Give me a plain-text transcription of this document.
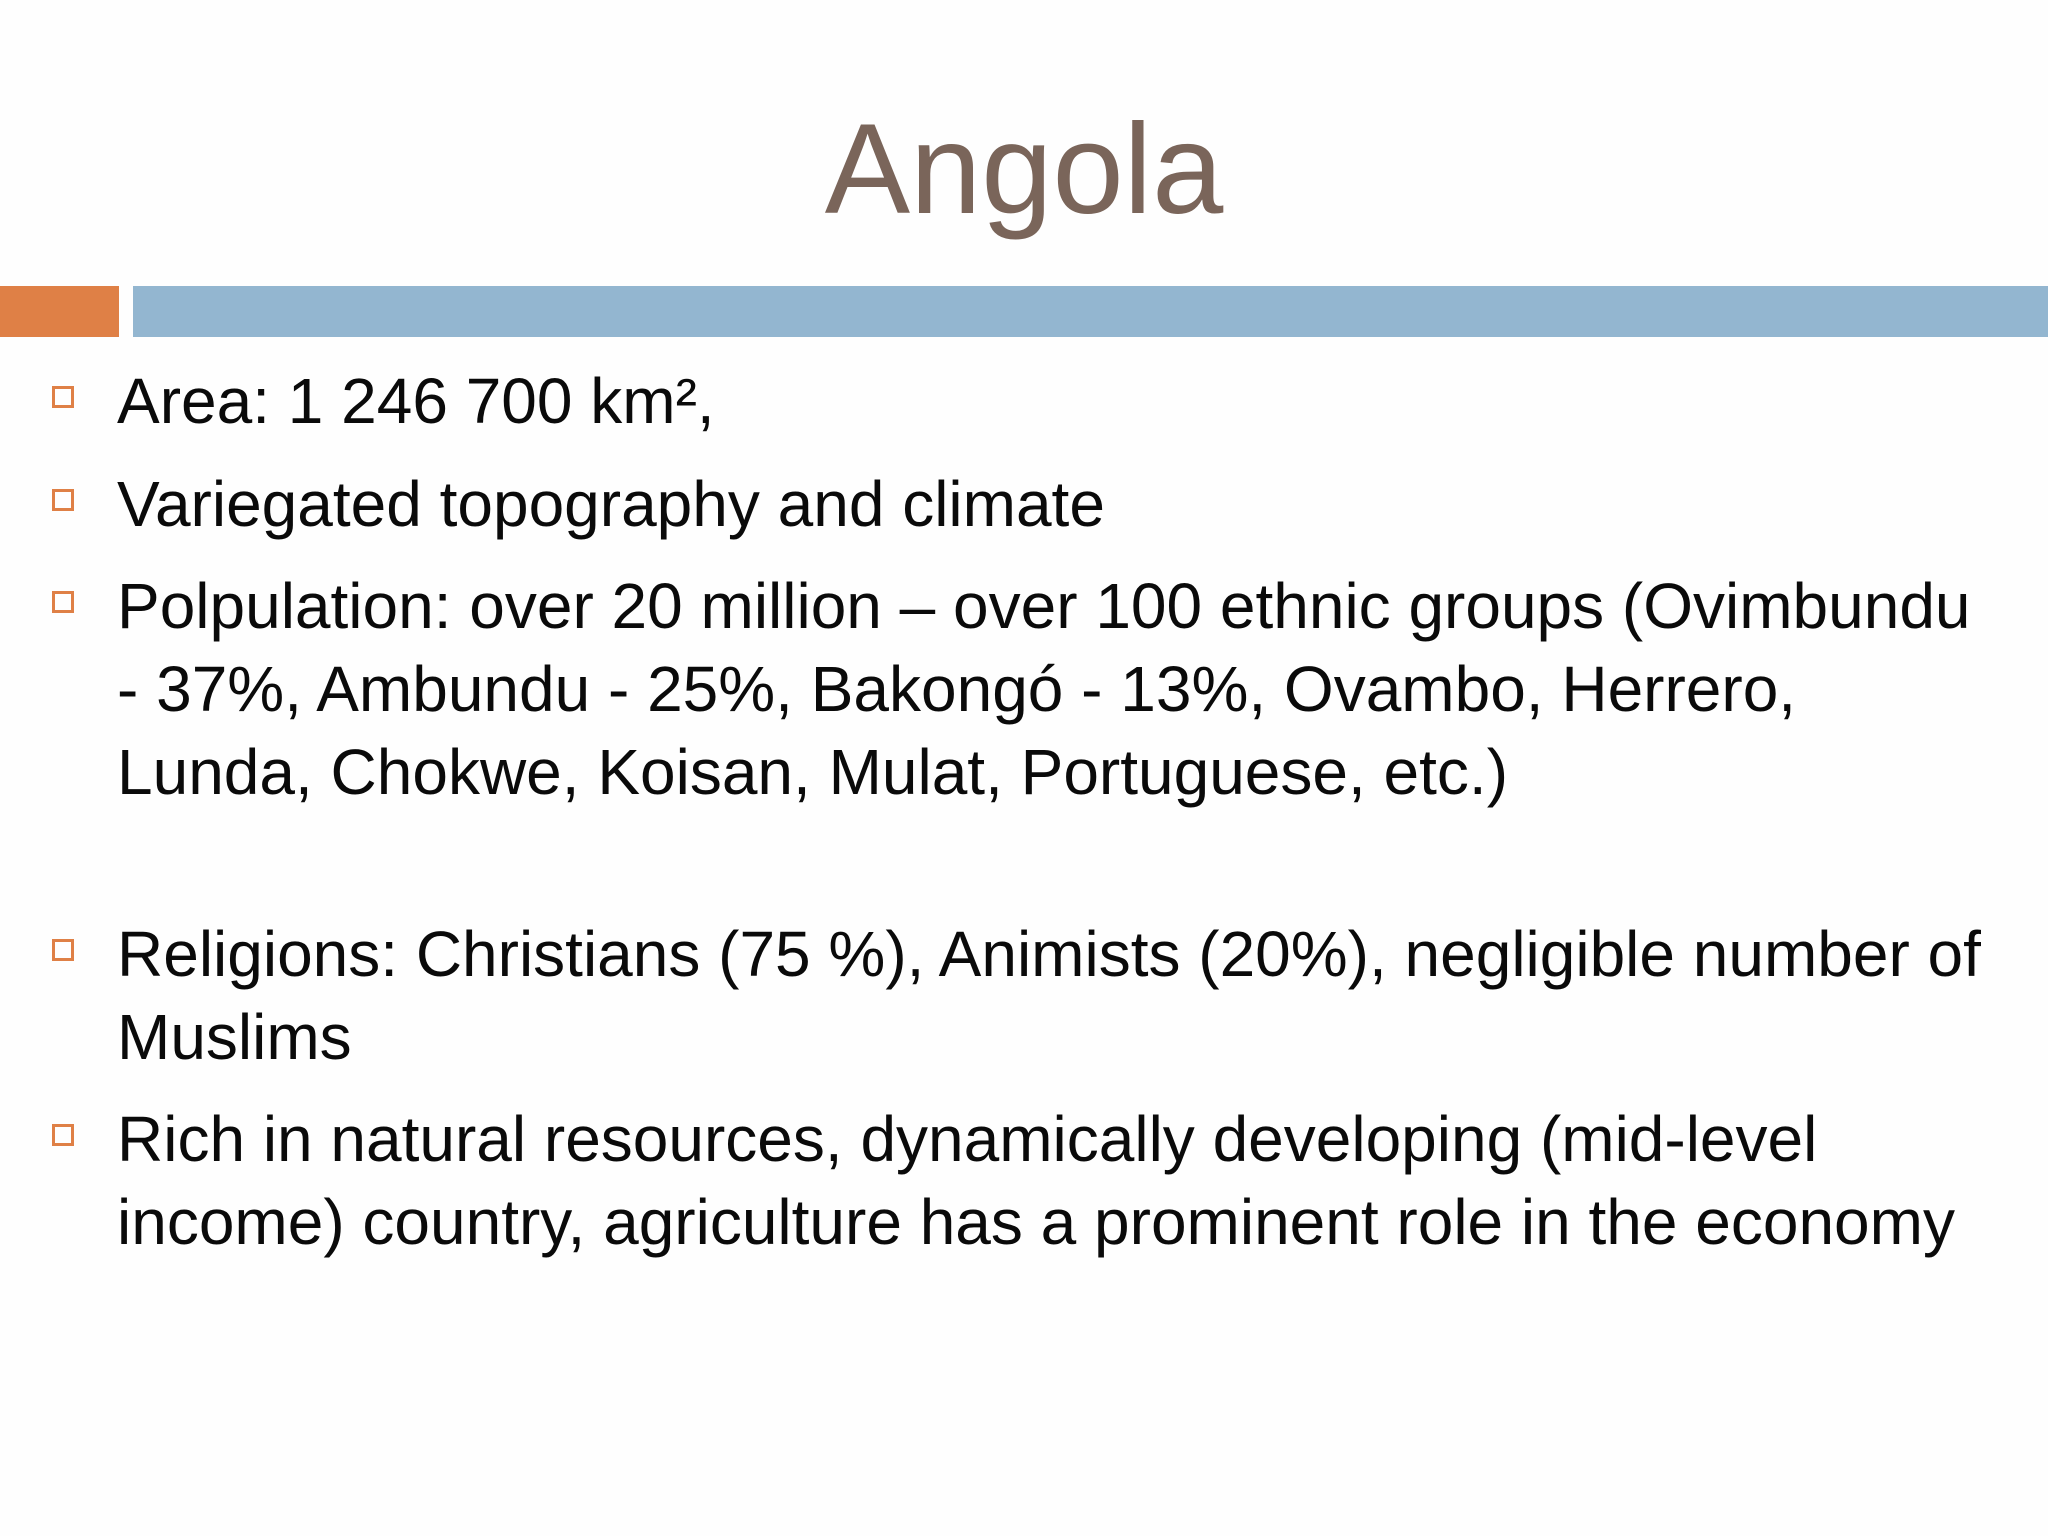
Angola
Area: 1 246 700 km²,
Variegated topography and climate
Polpulation: over 20 million – over 100 ethnic groups (Ovimbundu - 37%, Ambundu - 25%, Bakongó - 13%, Ovambo, Herrero, Lunda, Chokwe, Koisan, Mulat, Portuguese, etc.)
Religions: Christians (75 %), Animists (20%), negligible number of Muslims
Rich in natural resources, dynamically developing (mid-level income) country, agriculture has a prominent role in the economy
